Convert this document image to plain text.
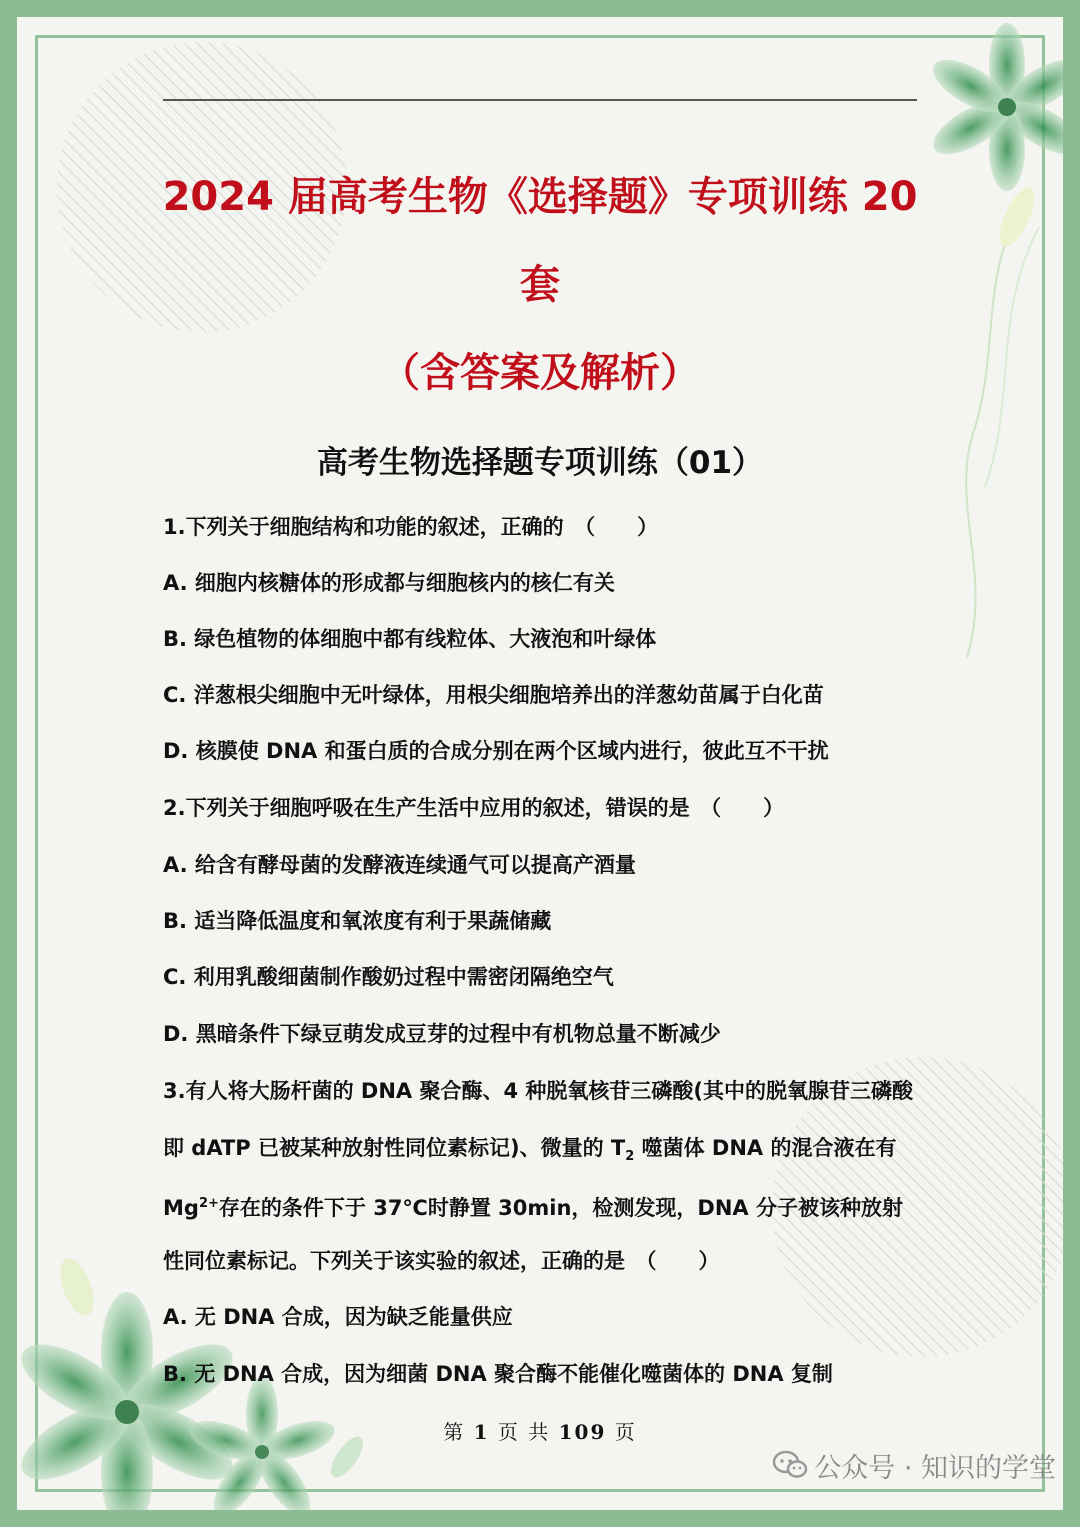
2024 届高考生物《选择题》专项训练 20
套
（含答案及解析）
高考生物选择题专项训练（01）
1.下列关于细胞结构和功能的叙述，正确的　（　　）
A. 细胞内核糖体的形成都与细胞核内的核仁有关
B. 绿色植物的体细胞中都有线粒体、大液泡和叶绿体
C. 洋葱根尖细胞中无叶绿体，用根尖细胞培养出的洋葱幼苗属于白化苗
D. 核膜使 DNA 和蛋白质的合成分别在两个区域内进行，彼此互不干扰
2.下列关于细胞呼吸在生产生活中应用的叙述，错误的是　（　　）
A. 给含有酵母菌的发酵液连续通气可以提高产酒量
B. 适当降低温度和氧浓度有利于果蔬储藏
C. 利用乳酸细菌制作酸奶过程中需密闭隔绝空气
D. 黑暗条件下绿豆萌发成豆芽的过程中有机物总量不断减少
3.有人将大肠杆菌的 DNA 聚合酶、4 种脱氧核苷三磷酸(其中的脱氧腺苷三磷酸
即 dATP 已被某种放射性同位素标记)、微量的 $T_2$ 噬菌体 DNA 的混合液在有
$Mg^{2+}$存在的条件下于 37℃时静置 30min，检测发现，DNA 分子被该种放射
性同位素标记。下列关于该实验的叙述，正确的是　（　　）
A. 无 DNA 合成，因为缺乏能量供应
B. 无 DNA 合成，因为细菌 DNA 聚合酶不能催化噬菌体的 DNA 复制
第 1 页 共 109 页
公众号 · 知识的学堂
